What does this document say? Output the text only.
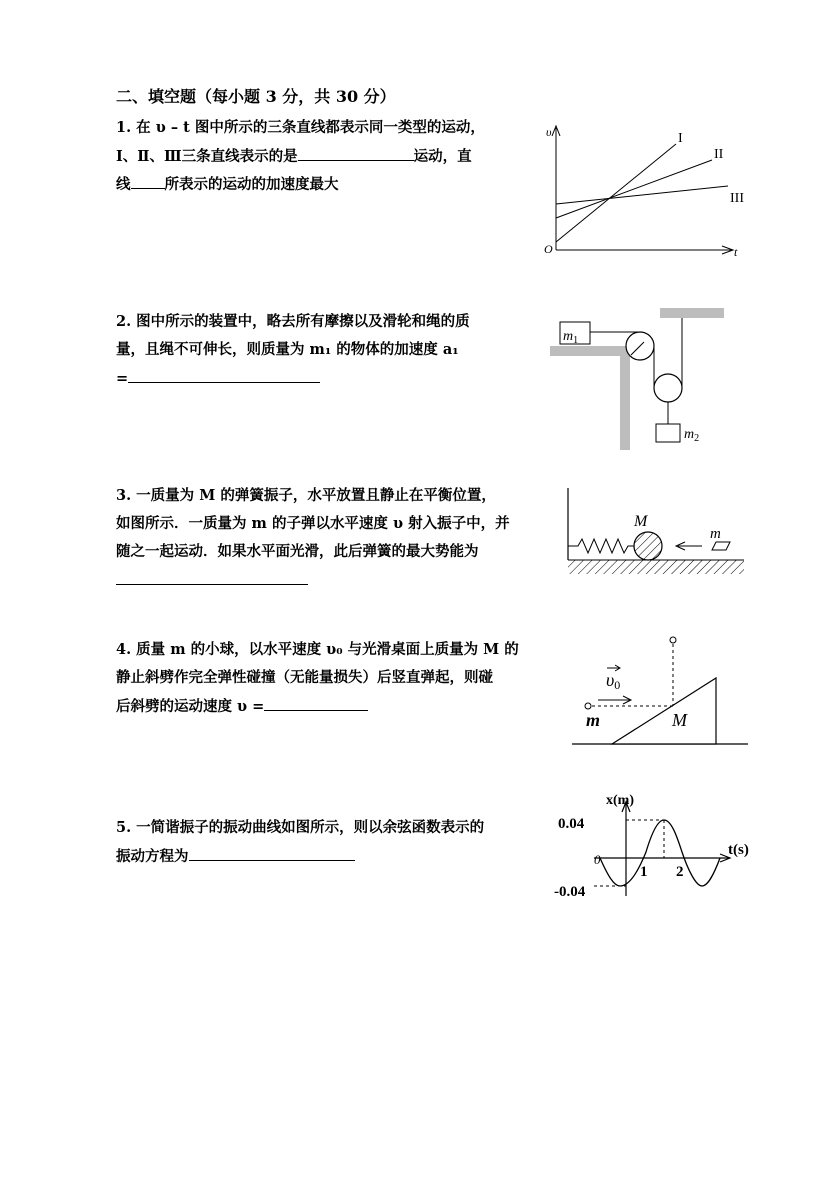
二、填空题（每小题 3 分，共 30 分）
1. 在 υ – t 图中所示的三条直线都表示同一类型的运动，
Ⅰ、Ⅱ、Ⅲ三条直线表示的是	运动，直
线 所表示的运动的加速度最大
υ
t
O
I
II
III
2. 图中所示的装置中，略去所有摩擦以及滑轮和绳的质
量，且绳不可伸长，则质量为 m₁ 的物体的加速度 a₁
=
$m_1$
$m_2$
3. 一质量为 M 的弹簧振子，水平放置且静止在平衡位置，
如图所示．一质量为 m 的子弹以水平速度 υ 射入振子中，并
随之一起运动．如果水平面光滑，此后弹簧的最大势能为
M
m
4. 质量 m 的小球，以水平速度 υ₀ 与光滑桌面上质量为 M 的
静止斜劈作完全弹性碰撞（无能量损失）后竖直弹起，则碰
后斜劈的运动速度 υ =
υ0
m	M
5. 一简谐振子的振动曲线如图所示，则以余弦函数表示的
振动方程为
x(m)
t(s)
0.04
-0.04
0
1 2
